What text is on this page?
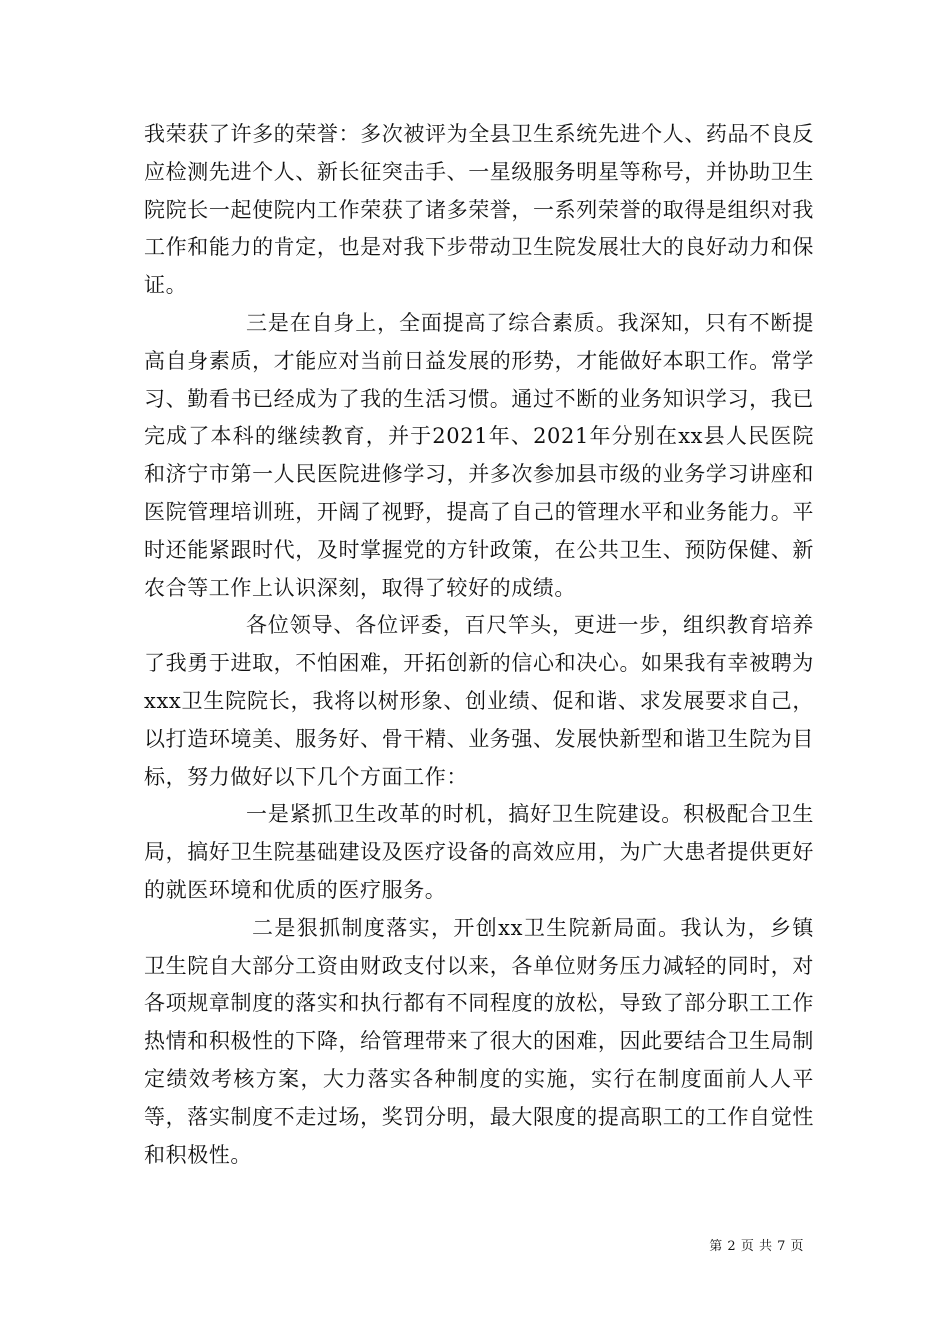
我荣获了许多的荣誉：多次被评为全县卫生系统先进个人、药品不良反应检测先进个人、新长征突击手、一星级服务明星等称号，并协助卫生院院长一起使院内工作荣获了诸多荣誉，一系列荣誉的取得是组织对我工作和能力的肯定，也是对我下步带动卫生院发展壮大的良好动力和保证。

三是在自身上，全面提高了综合素质。我深知，只有不断提高自身素质，才能应对当前日益发展的形势，才能做好本职工作。常学习、勤看书已经成为了我的生活习惯。通过不断的业务知识学习，我已完成了本科的继续教育，并于2021年、2021年分别在xx县人民医院和济宁市第一人民医院进修学习，并多次参加县市级的业务学习讲座和医院管理培训班，开阔了视野，提高了自己的管理水平和业务能力。平时还能紧跟时代，及时掌握党的方针政策，在公共卫生、预防保健、新农合等工作上认识深刻，取得了较好的成绩。

各位领导、各位评委，百尺竿头，更进一步，组织教育培养了我勇于进取，不怕困难，开拓创新的信心和决心。如果我有幸被聘为xxx卫生院院长，我将以树形象、创业绩、促和谐、求发展要求自己，以打造环境美、服务好、骨干精、业务强、发展快新型和谐卫生院为目标，努力做好以下几个方面工作：

一是紧抓卫生改革的时机，搞好卫生院建设。积极配合卫生局，搞好卫生院基础建设及医疗设备的高效应用，为广大患者提供更好的就医环境和优质的医疗服务。

二是狠抓制度落实，开创xx卫生院新局面。我认为，乡镇卫生院自大部分工资由财政支付以来，各单位财务压力减轻的同时，对各项规章制度的落实和执行都有不同程度的放松，导致了部分职工工作热情和积极性的下降，给管理带来了很大的困难，因此要结合卫生局制定绩效考核方案，大力落实各种制度的实施，实行在制度面前人人平等，落实制度不走过场，奖罚分明，最大限度的提高职工的工作自觉性和积极性。

第 2 页 共 7 页
